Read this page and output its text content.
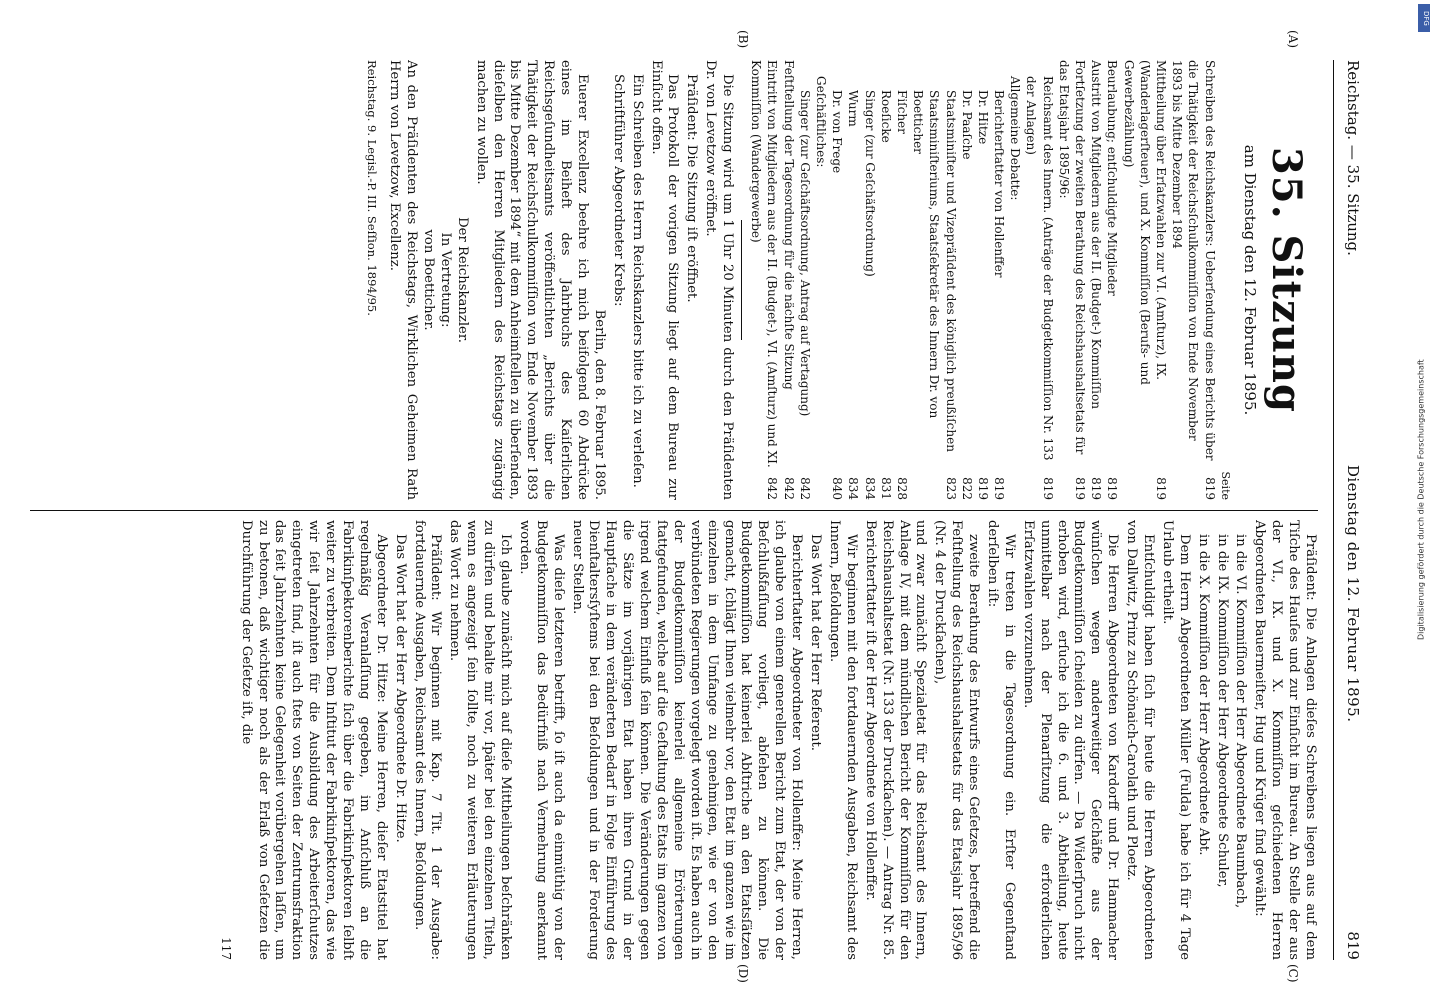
Reichstag. — 35. Sitzung.
Dienstag den 12. Februar 1895.
819
(A)
(B)
(C)
(D)
35. Sitzung
am Dienstag den 12. Februar 1895.
Seite
Schreiben des Reichskanzlers: Ueberſendung eines Berichts über die Thätigkeit der Reichsſchulkommiſſion von Ende November 1893 bis Mitte Dezember 1894
819
Mittheilung über Erſatzwahlen zur VI. (Amſturz), IX. (Wanderlagerſteuer), und X. Kommiſſion (Berufs- und Gewerbezählung)
819
Beurlaubung; entſchuldigte Mitglieder
819
Austritt von Mitgliedern aus der II. (Budget-) Kommiſſion
819
Fortſetzung der zweiten Berathung des Reichshaushaltsetats für das Etatsjahr 1895/96:
819
Reichsamt des Innern. (Anträge der Budgetkommiſſion Nr. 133 der Anlagen)
819
Allgemeine Debatte:
Berichterſtatter von Hollenffer
819
Dr. Hitze
819
Dr. Paaſche
822
Staatsminiſter und Vizepräſident des königlich preußiſchen Staatsminiſteriums, Staatsſekretär des Innern Dr. von Boetticher
823
Fiſcher
828
Roeſicke
831
Singer (zur Geſchäftsordnung)
834
Wurm
834
Dr. von Frege
840
Geſchäftliches:
Singer (zur Geſchäftsordnung, Antrag auf Vertagung)
842
Feſtſtellung der Tagesordnung für die nächſte Sitzung
842
Eintritt von Mitgliedern aus der II. (Budget-), VI. (Amſturz) und XI. Kommiſſion (Wandergewerbe)
842

Die Sitzung wird um 1 Uhr 20 Minuten durch den Präſidenten Dr. von Levetzow eröffnet.

Präſident: Die Sitzung iſt eröffnet.

Das Protokoll der vorigen Sitzung liegt auf dem Bureau zur Einſicht offen.

Ein Schreiben des Herrn Reichskanzlers bitte ich zu verleſen.

Schriftführer Abgeordneter Krebs:

Berlin, den 8. Februar 1895.

Euerer Excellenz beehre ich mich beifolgend 60 Abdrücke eines im Beiheft des Jahrbuchs des Kaiſerlichen Reichsgeſundheitsamts veröffentlichten „Berichts über die Thätigkeit der Reichsſchulkommiſſion von Ende November 1893 bis Mitte Dezember 1894“ mit dem Anheimſtellen zu überſenden, dieſelben den Herren Mitgliedern des Reichstags zugängig machen zu wollen.

Der Reichskanzler.
In Vertretung:
von Boetticher.

An den Präſidenten des Reichstags, Wirklichen Geheimen Rath Herrn von Levetzow, Excellenz.

Reichstag. 9. Legisl.-P. III. Seſſion. 1894/95.

Präſident: Die Anlagen dieſes Schreibens liegen aus auf dem Tiſche des Hauſes und zur Einſicht im Bureau. An Stelle der aus der VI., IX. und X. Kommiſſion geſchiedenen Herren Abgeordneten Bauermeiſter, Hug und Krüger ſind gewählt:

in die VI. Kommiſſion der Herr Abgeordnete Baumbach,

in die IX. Kommiſſion der Herr Abgeordnete Schuler,

in die X. Kommiſſion der Herr Abgeordnete Abt.

Dem Herrn Abgeordneten Müller (Fulda) habe ich für 4 Tage Urlaub ertheilt.

Entſchuldigt haben ſich für heute die Herren Abgeordneten von Dallwitz, Prinz zu Schönaich-Carolath und Ploetz.

Die Herren Abgeordneten von Kardorff und Dr. Hammacher wünſchen wegen anderweitiger Geſchäfte aus der Budgetkommiſſion ſcheiden zu dürfen. — Da Widerſpruch nicht erhoben wird, erſuche ich die 6. und 3. Abtheilung, heute unmittelbar nach der Plenarſitzung die erforderlichen Erſatzwahlen vorzunehmen.

Wir treten in die Tagesordnung ein. Erſter Gegenſtand derſelben iſt:

zweite Berathung des Entwurfs eines Geſetzes, betreffend die Feſtſtellung des Reichshaushaltsetats für das Etatsjahr 1895/96 (Nr. 4 der Druckſachen),

und zwar zunächſt Spezialetat für das Reichsamt des Innern, Anlage IV, mit dem mündlichen Bericht der Kommiſſion für den Reichshaushaltsetat (Nr. 133 der Druckſachen). — Antrag Nr. 85. Berichterſtatter iſt der Herr Abgeordnete von Hollenffer.

Wir beginnen mit den fortdauernden Ausgaben, Reichsamt des Innern, Beſoldungen.

Das Wort hat der Herr Referent.

Berichterſtatter Abgeordneter von Hollenffer: Meine Herren, ich glaube von einem generellen Bericht zum Etat, der von der Beſchlußfaſſung vorliegt, abſehen zu können. Die Budgetkommiſſion hat keinerlei Abſtriche an den Etatsſätzen gemacht, ſchlägt Ihnen vielmehr vor, den Etat im ganzen wie im einzelnen in dem Umfange zu genehmigen, wie er von den verbündeten Regierungen vorgelegt worden iſt. Es haben auch in der Budgetkommiſſion keinerlei allgemeine Erörterungen ſtattgefunden, welche auf die Geſtaltung des Etats im ganzen von irgend welchem Einfluß ſein können. Die Veränderungen gegen die Sätze im vorjährigen Etat haben ihren Grund in der Hauptſache in dem veränderten Bedarf in Folge Einführung des Dienſtaltersſyſtems bei den Beſoldungen und in der Forderung neuer Stellen.

Was dieſe letzteren betrifft, ſo iſt auch da einmüthig von der Budgetkommiſſion das Bedürfniß nach Vermehrung anerkannt worden.

Ich glaube zunächſt mich auf dieſe Mittheilungen beſchränken zu dürfen und behalte mir vor, ſpäter bei den einzelnen Titeln, wenn es angezeigt ſein ſollte, noch zu weiteren Erläuterungen das Wort zu nehmen.

Präſident: Wir beginnen mit Kap. 7 Tit. 1 der Ausgabe: fortdauernde Ausgaben, Reichsamt des Innern, Beſoldungen.

Das Wort hat der Herr Abgeordnete Dr. Hitze.

Abgeordneter Dr. Hitze: Meine Herren, dieſer Etatstitel hat regelmäßig Veranlaſſung gegeben, im Anſchluß an die Fabrikinſpektorenberichte ſich über die Fabrikinſpektoren ſelbſt weiter zu verbreiten. Dem Inſtitut der Fabrikinſpektoren, das wie wir ſeit Jahrzehnten für die Ausbildung des Arbeiterſchutzes eingetreten ſind, iſt auch ſtets von Seiten der Zentrumsfraktion das ſeit Jahrzehnten keine Gelegenheit vorübergehen laſſen, um zu betonen, daß wichtiger noch als der Erlaß von Geſetzen die Durchführung der Geſetze iſt, die

117
Digitalisierung gefördert durch die Deutsche Forschungsgemeinschaft
DFG
